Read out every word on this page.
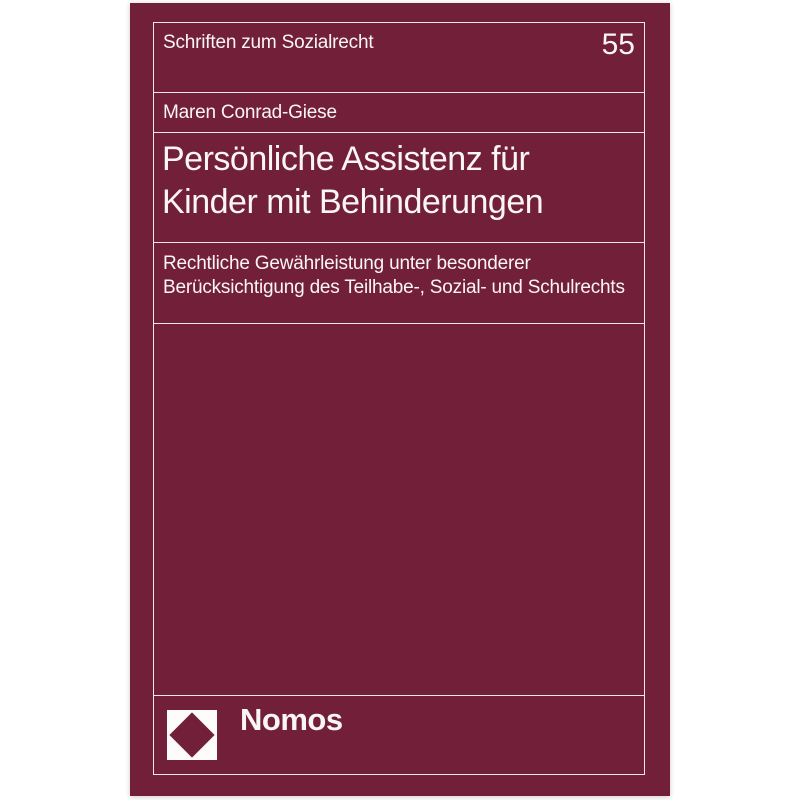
Schriften zum Sozialrecht	55
Maren Conrad-Giese
Persönliche Assistenz für
Kinder mit Behinderungen
Rechtliche Gewährleistung unter besonderer
Berücksichtigung des Teilhabe-, Sozial- und Schulrechts
Nomos
